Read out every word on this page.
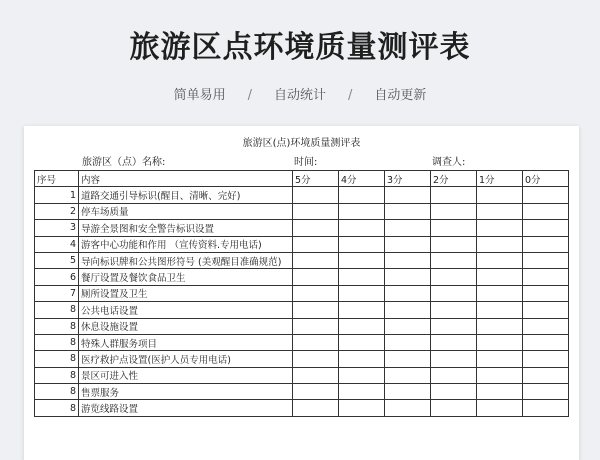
旅游区点环境质量测评表
简单易用 / 自动统计 / 自动更新
旅游区(点)环境质量测评表
旅游区（点）名称:	时间:	调查人:
序号	内容	5分	4分	3分	2分	1分	0分
1	道路交通引导标识(醒目、清晰、完好)						
2	停车场质量						
3	导游全景图和安全警告标识设置						
4	游客中心功能和作用 （宣传资料.专用电话)						
5	导向标识牌和公共图形符号 (美观醒目准确规范)						
6	餐厅设置及餐饮食品卫生						
7	厕所设置及卫生						
8	公共电话设置						
8	休息设施设置						
8	特殊人群服务项目						
8	医疗救护点设置(医护人员专用电话)						
8	景区可进入性						
8	售票服务						
8	游览线路设置						
